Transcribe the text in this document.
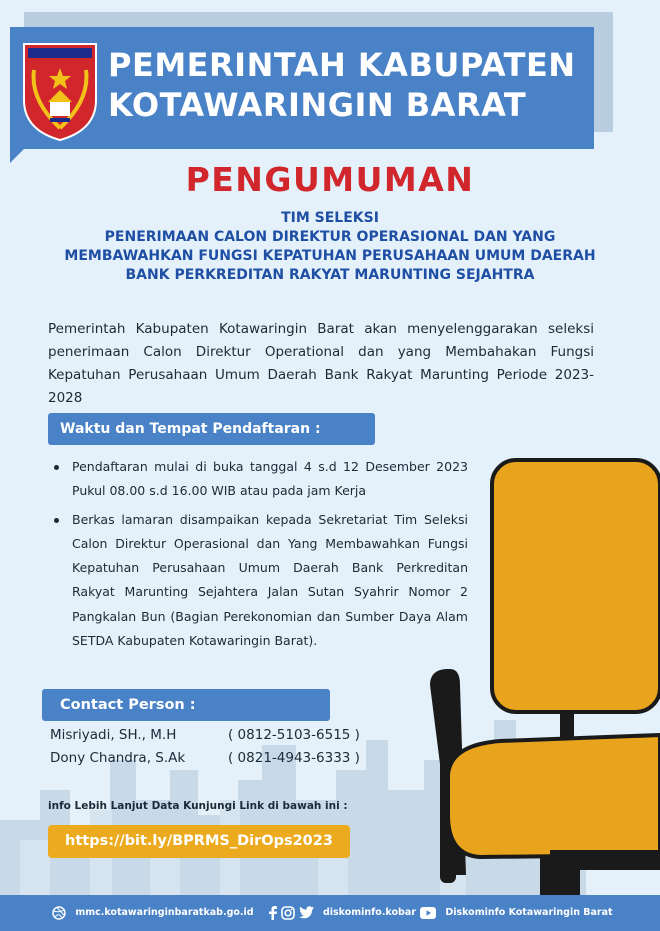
PEMERINTAH KABUPATEN
KOTAWARINGIN BARAT
PENGUMUMAN
TIM SELEKSI
PENERIMAAN CALON DIREKTUR OPERASIONAL DAN YANG
MEMBAWAHKAN FUNGSI KEPATUHAN PERUSAHAAN UMUM DAERAH
BANK PERKREDITAN RAKYAT MARUNTING SEJAHTRA
Pemerintah Kabupaten Kotawaringin Barat akan menyelenggarakan seleksi penerimaan Calon Direktur Operational dan yang Membahakan Fungsi Kepatuhan Perusahaan Umum Daerah Bank Rakyat Marunting Periode 2023-2028
Waktu dan Tempat Pendaftaran :
Pendaftaran mulai di buka tanggal 4 s.d 12 Desember 2023 Pukul 08.00 s.d 16.00 WIB atau pada jam Kerja
Berkas lamaran disampaikan kepada Sekretariat Tim Seleksi Calon Direktur Operasional dan Yang Membawahkan Fungsi Kepatuhan Perusahaan Umum Daerah Bank Perkreditan Rakyat Marunting Sejahtera Jalan Sutan Syahrir Nomor 2 Pangkalan Bun (Bagian Perekonomian dan Sumber Daya Alam SETDA Kabupaten Kotawaringin Barat).
Contact Person :
Misriyadi, SH., M.H	( 0812-5103-6515 )
Dony Chandra, S.Ak	( 0821-4943-6333 )
info Lebih Lanjut Data Kunjungi Link di bawah ini :
https://bit.ly/BPRMS_DirOps2023
mmc.kotawaringinbaratkab.go.id	diskominfo.kobar	Diskominfo Kotawaringin Barat
